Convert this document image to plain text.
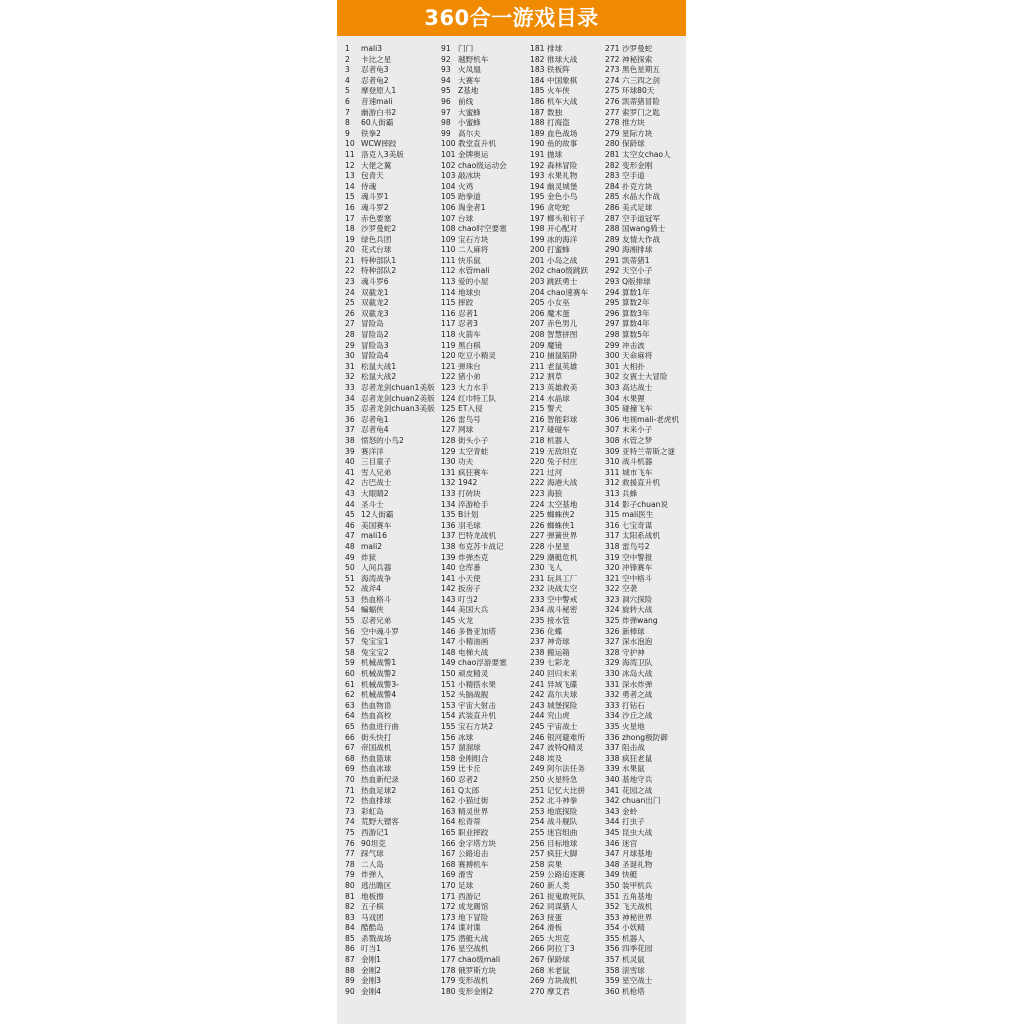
360合一游戏目录
1 mali3
2 卡比之星
3 忍者龟3
4 忍者龟2
5 摩登原人1
6 音速mali
7 幽游白书2
8 60人街霸
9 铁拳2
10 WCW摔跤
11 洛克人3美版
12 大佬之翼
13 包青天
14 侍魂
15 魂斗罗1
16 魂斗罗2
17 赤色要塞
18 沙罗曼蛇2
19 绿色兵团
20 花式台球
21 特种部队1
22 特种部队2
23 魂斗罗6
24 双截龙1
25 双截龙2
26 双截龙3
27 冒险岛
28 冒险岛2
29 冒险岛3
30 冒险岛4
31 松鼠大战1
32 松鼠大战2
33 忍者龙剑chuan1美版
34 忍者龙剑chuan2美版
35 忍者龙剑chuan3美版
36 忍者龟1
37 忍者龟4
38 愤怒的小鸟2
39 赛洋洋
40 三目童子
41 雪人兄弟
42 古巴战士
43 大眼睛2
44 圣斗士
45 12人街霸
46 美国赛车
47 mali16
48 mali2
49 炸狱
50 人间兵器
51 海湾战争
52 战斧4
53 热血格斗
54 蝙蝠侠
55 忍者兄弟
56 空中魂斗罗
57 兔宝宝1
58 兔宝宝2
59 机械战警1
60 机械战警2
61 机械战警3-
62 机械战警4
63 热血物语
64 热血高校
65 热血进行曲
66 街头快打
67 帝国战机
68 热血篮球
69 热血冰球
70 热血新纪录
71 热血足球2
72 热血排球
73 彩虹岛
74 荒野大镖客
75 西游记1
76 90坦克
77 踩气球
78 二人岛
79 炸弹人
80 逃出瞻区
81 地板擦
82 五子棋
83 马戏团
84 酷酷岛
85 杀戮战场
86 叮当1
87 金刚1
88 金刚2
89 金刚3
90 金刚4
91 门门
92 越野机车
93 火凤凰
94 大赛车
95 Z基地
96 前线
97 大蜜蜂
98 小蜜蜂
99 高尔夫
100 教堂直升机
101 金牌奥运
102 chao级运动会
103 敲冰块
104 火鸡
105 跆拳道
106 淘金者1
107 台球
108 chao时空要塞
109 宝石方块
110 二人麻将
111 快乐鼠
112 水管mali
113 爱的小屋
114 地球虫
115 摔跤
116 忍者1
117 忍者3
118 火箭车
119 黑白棋
120 吃豆小精灵
121 弹珠台
122 猪小弟
123 大力水手
124 红巾特工队
125 ET入侵
126 雷鸟号
127 网球
128 街头小子
129 太空青蛙
130 功夫
131 疯狂赛车
132 1942
133 打砖块
134 淬游枪手
135 B计划
136 羽毛球
137 巴特龙战机
138 布克苏卡战记
139 炸弹杰克
140 仓库番
141 小天使
142 扳房子
143 叮当2
144 美国大兵
145 火龙
146 多鲁亚加塔
147 小精油画
148 电梯大战
149 chao浮游要塞
150 顽皮精灵
151 小精搭水果
152 头脑战舰
153 宇宙大射击
154 武装直升机
155 宝石方块2
156 冰球
157 溜溜球
158 金刚组合
159 比卡丘
160 忍者2
161 Q太郎
162 小猫过街
163 精灵世界
164 松青蒂
165 职业摔跤
166 金字塔方块
167 公路追击
168 赛搏机车
169 滑雪
170 足球
171 西游记
172 成龙踢馆
173 地下冒险
174 谍对谍
175 潜艇大战
176 星空战机
177 chao级mali
178 俄罗斯方块
179 变形战机
180 变形金刚2
181 排球
182 推球大战
183 铁板阵
184 中国象棋
185 火车侠
186 机车大战
187 数独
188 打海盗
189 血色战场
190 鱼的故事
191 抛球
192 森林冒险
193 水果礼物
194 幽灵城堡
195 金色小鸟
196 贪吃蛇
197 榔头和钉子
198 开心配对
199 冰的海洋
200 打蜜蜂
201 小岛之战
202 chao级跳跃
203 跳跃勇士
204 chao速赛车
205 小女巫
206 魔术蛋
207 赤色男儿
208 智慧拼图
209 魔镜
210 捕鼠陷阱
211 老鼠英雄
212 割草
213 英雄救美
214 水晶球
215 警犬
216 智能彩球
217 碰碰车
218 机器人
219 无敌坦克
220 兔子村庄
221 过河
222 海港大战
223 海狼
224 太空基地
225 蜘蛛侠2
226 蜘蛛侠1
227 弹簧世界
228 小星星
229 潮艇危机
230 飞人
231 玩具工厂
232 决战太空
233 空中警戒
234 战斗秘密
235 接水管
236 化蝶
237 神奇球
238 搬运箱
239 七彩龙
240 回归未来
241 异域飞碟
242 高尔夫球
243 城堡探险
244 究山虎
245 宇宙战士
246 银河避难所
247 波特Q精灵
248 埃及
249 阿尔法任务
250 火星特急
251 记忆大比拼
252 北斗神拳
253 地底探险
254 战斗舰队
255 迷宫组曲
256 目标地球
257 疯狂大脚
258 宾果
259 公路追逐赛
260 新人类
261 捉鬼敢死队
262 同谋猎人
263 接蛋
264 滑板
265 大坦克
266 阿拉丁3
267 保龄球
268 米老鼠
269 方块战机
270 摩艾君
271 沙罗曼蛇
272 神秘探索
273 黑色星期五
274 六三四之剑
275 环球80天
276 凯蒂猪冒险
277 索罗门之匙
278 推方块
279 星际方块
280 保龄球
281 太空女chao人
282 变形金刚
283 空手道
284 扑克方块
285 水晶大作战
286 美式足球
287 空手道冠军
288 国wang骑士
289 友情大作战
290 海湘排球
291 凯蒂猪1
292 天空小子
293 Q版排球
294 算数1年
295 算数2年
296 算数3年
297 算数4年
298 算数5年
299 冲击波
300 天命麻将
301 大相扑
302 女賓士大冒险
303 高达战士
304 水果狸
305 碰撞飞车
306 电视mali-老虎机
307 未来小子
308 水管之梦
309 亚特兰蒂斯之谜
310 战斗机器
311 城市飞车
312 救援直升机
313 兵蜂
314 影子chuan说
315 mali医生
316 七宝奇谋
317 太阳系战机
318 雷鸟号2
319 空中警报
320 冲锋赛车
321 空中格斗
322 空袭
323 洞穴探险
324 旋转大战
325 炸弹wang
326 新棒球
327 深水泡泡
328 守护神
329 海湾卫队
330 冰岛大战
331 深水炸弹
332 勇者之战
333 打钻石
334 沙丘之战
335 火星地
336 zhong极防御
337 阻击战
338 疯狂老鼠
339 水果鼠
340 基地守兵
341 花园之战
342 chuan出门
343 金蛉
344 打虫子
345 昆虫大战
346 迷宫
347 月球基地
348 圣诞礼物
349 快艇
350 装甲机兵
351 五角基地
352 飞天战机
353 神秘世界
354 小妖精
355 机器人
356 四季花园
357 机灵鼠
358 滚雪球
359 星空战士
360 机枪塔
